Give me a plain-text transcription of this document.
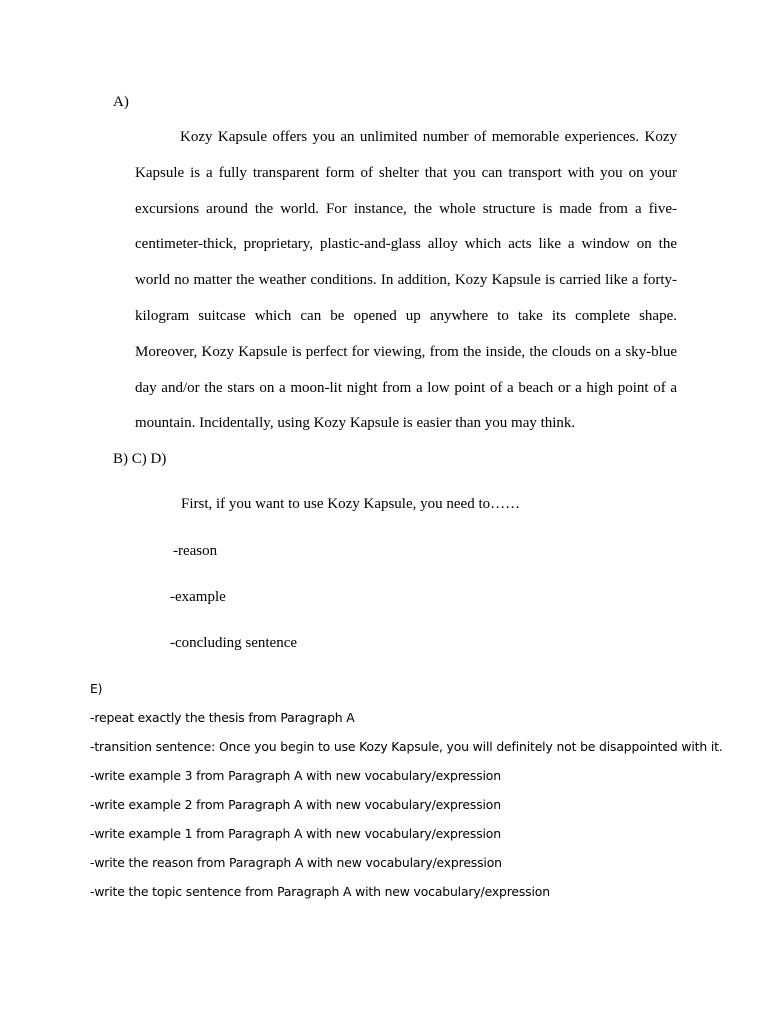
A)

Kozy Kapsule offers you an unlimited number of memorable experiences. Kozy Kapsule is a fully transparent form of shelter that you can transport with you on your excursions around the world. For instance, the whole structure is made from a five-centimeter-thick, proprietary, plastic-and-glass alloy which acts like a window on the world no matter the weather conditions. In addition, Kozy Kapsule is carried like a forty-kilogram suitcase which can be opened up anywhere to take its complete shape. Moreover, Kozy Kapsule is perfect for viewing, from the inside, the clouds on a sky-blue day and/or the stars on a moon-lit night from a low point of a beach or a high point of a mountain. Incidentally, using Kozy Kapsule is easier than you may think.

B) C) D)
First, if you want to use Kozy Kapsule, you need to……
-reason
-example
-concluding sentence
E)
-repeat exactly the thesis from Paragraph A
-transition sentence: Once you begin to use Kozy Kapsule, you will definitely not be disappointed with it.
-write example 3 from Paragraph A with new vocabulary/expression
-write example 2 from Paragraph A with new vocabulary/expression
-write example 1 from Paragraph A with new vocabulary/expression
-write the reason from Paragraph A with new vocabulary/expression
-write the topic sentence from Paragraph A with new vocabulary/expression
